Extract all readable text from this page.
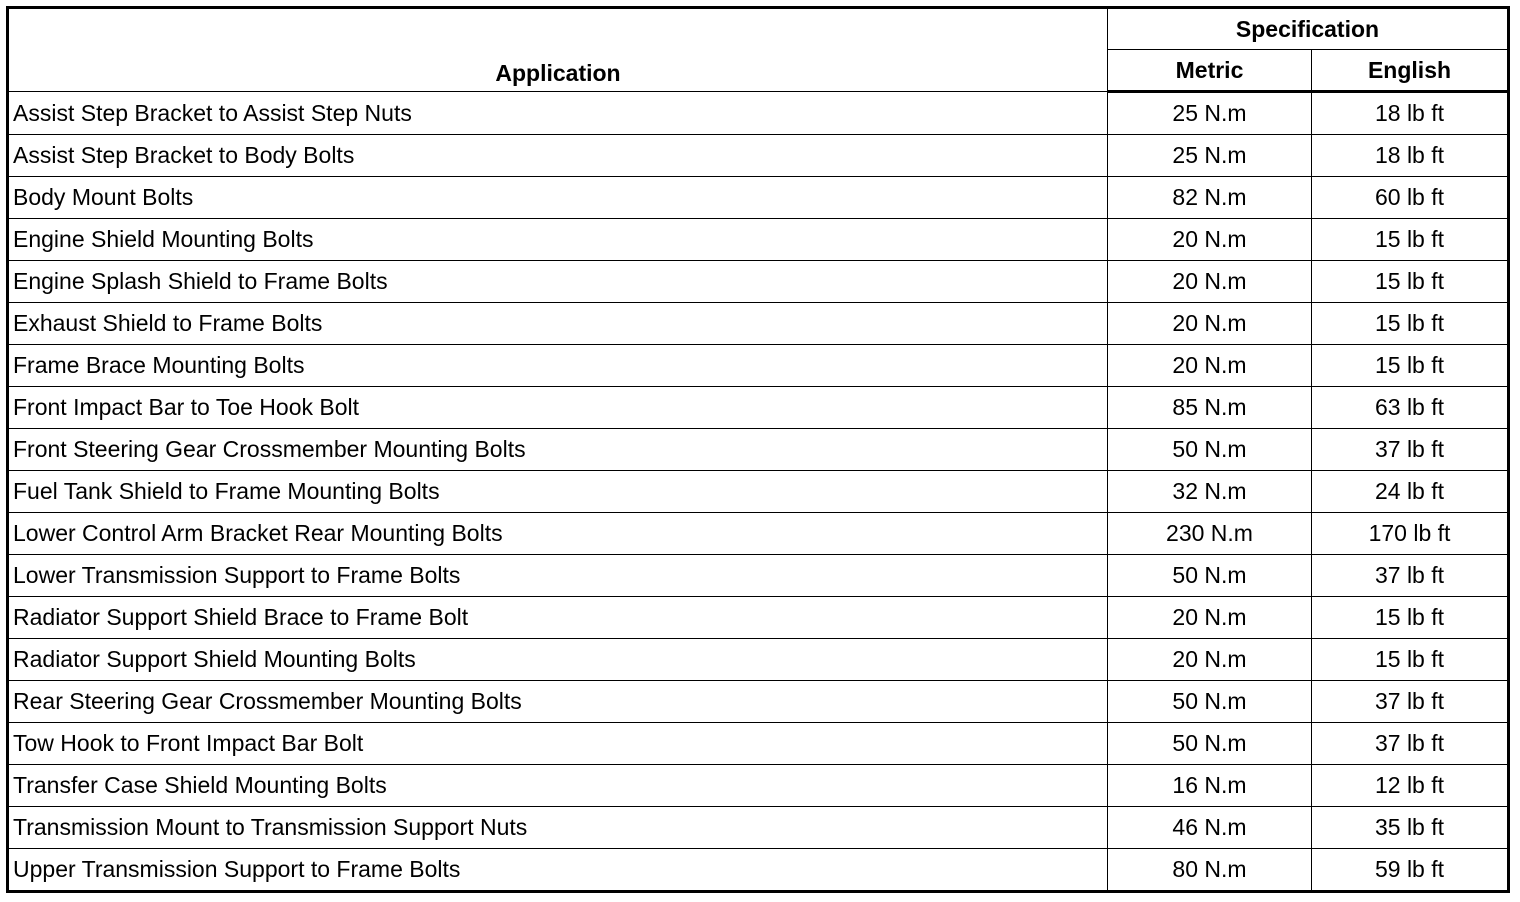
Application	Specification	
	Metric	English
Assist Step Bracket to Assist Step Nuts	25 N.m	18 lb ft
Assist Step Bracket to Body Bolts	25 N.m	18 lb ft
Body Mount Bolts	82 N.m	60 lb ft
Engine Shield Mounting Bolts	20 N.m	15 lb ft
Engine Splash Shield to Frame Bolts	20 N.m	15 lb ft
Exhaust Shield to Frame Bolts	20 N.m	15 lb ft
Frame Brace Mounting Bolts	20 N.m	15 lb ft
Front Impact Bar to Toe Hook Bolt	85 N.m	63 lb ft
Front Steering Gear Crossmember Mounting Bolts	50 N.m	37 lb ft
Fuel Tank Shield to Frame Mounting Bolts	32 N.m	24 lb ft
Lower Control Arm Bracket Rear Mounting Bolts	230 N.m	170 lb ft
Lower Transmission Support to Frame Bolts	50 N.m	37 lb ft
Radiator Support Shield Brace to Frame Bolt	20 N.m	15 lb ft
Radiator Support Shield Mounting Bolts	20 N.m	15 lb ft
Rear Steering Gear Crossmember Mounting Bolts	50 N.m	37 lb ft
Tow Hook to Front Impact Bar Bolt	50 N.m	37 lb ft
Transfer Case Shield Mounting Bolts	16 N.m	12 lb ft
Transmission Mount to Transmission Support Nuts	46 N.m	35 lb ft
Upper Transmission Support to Frame Bolts	80 N.m	59 lb ft
